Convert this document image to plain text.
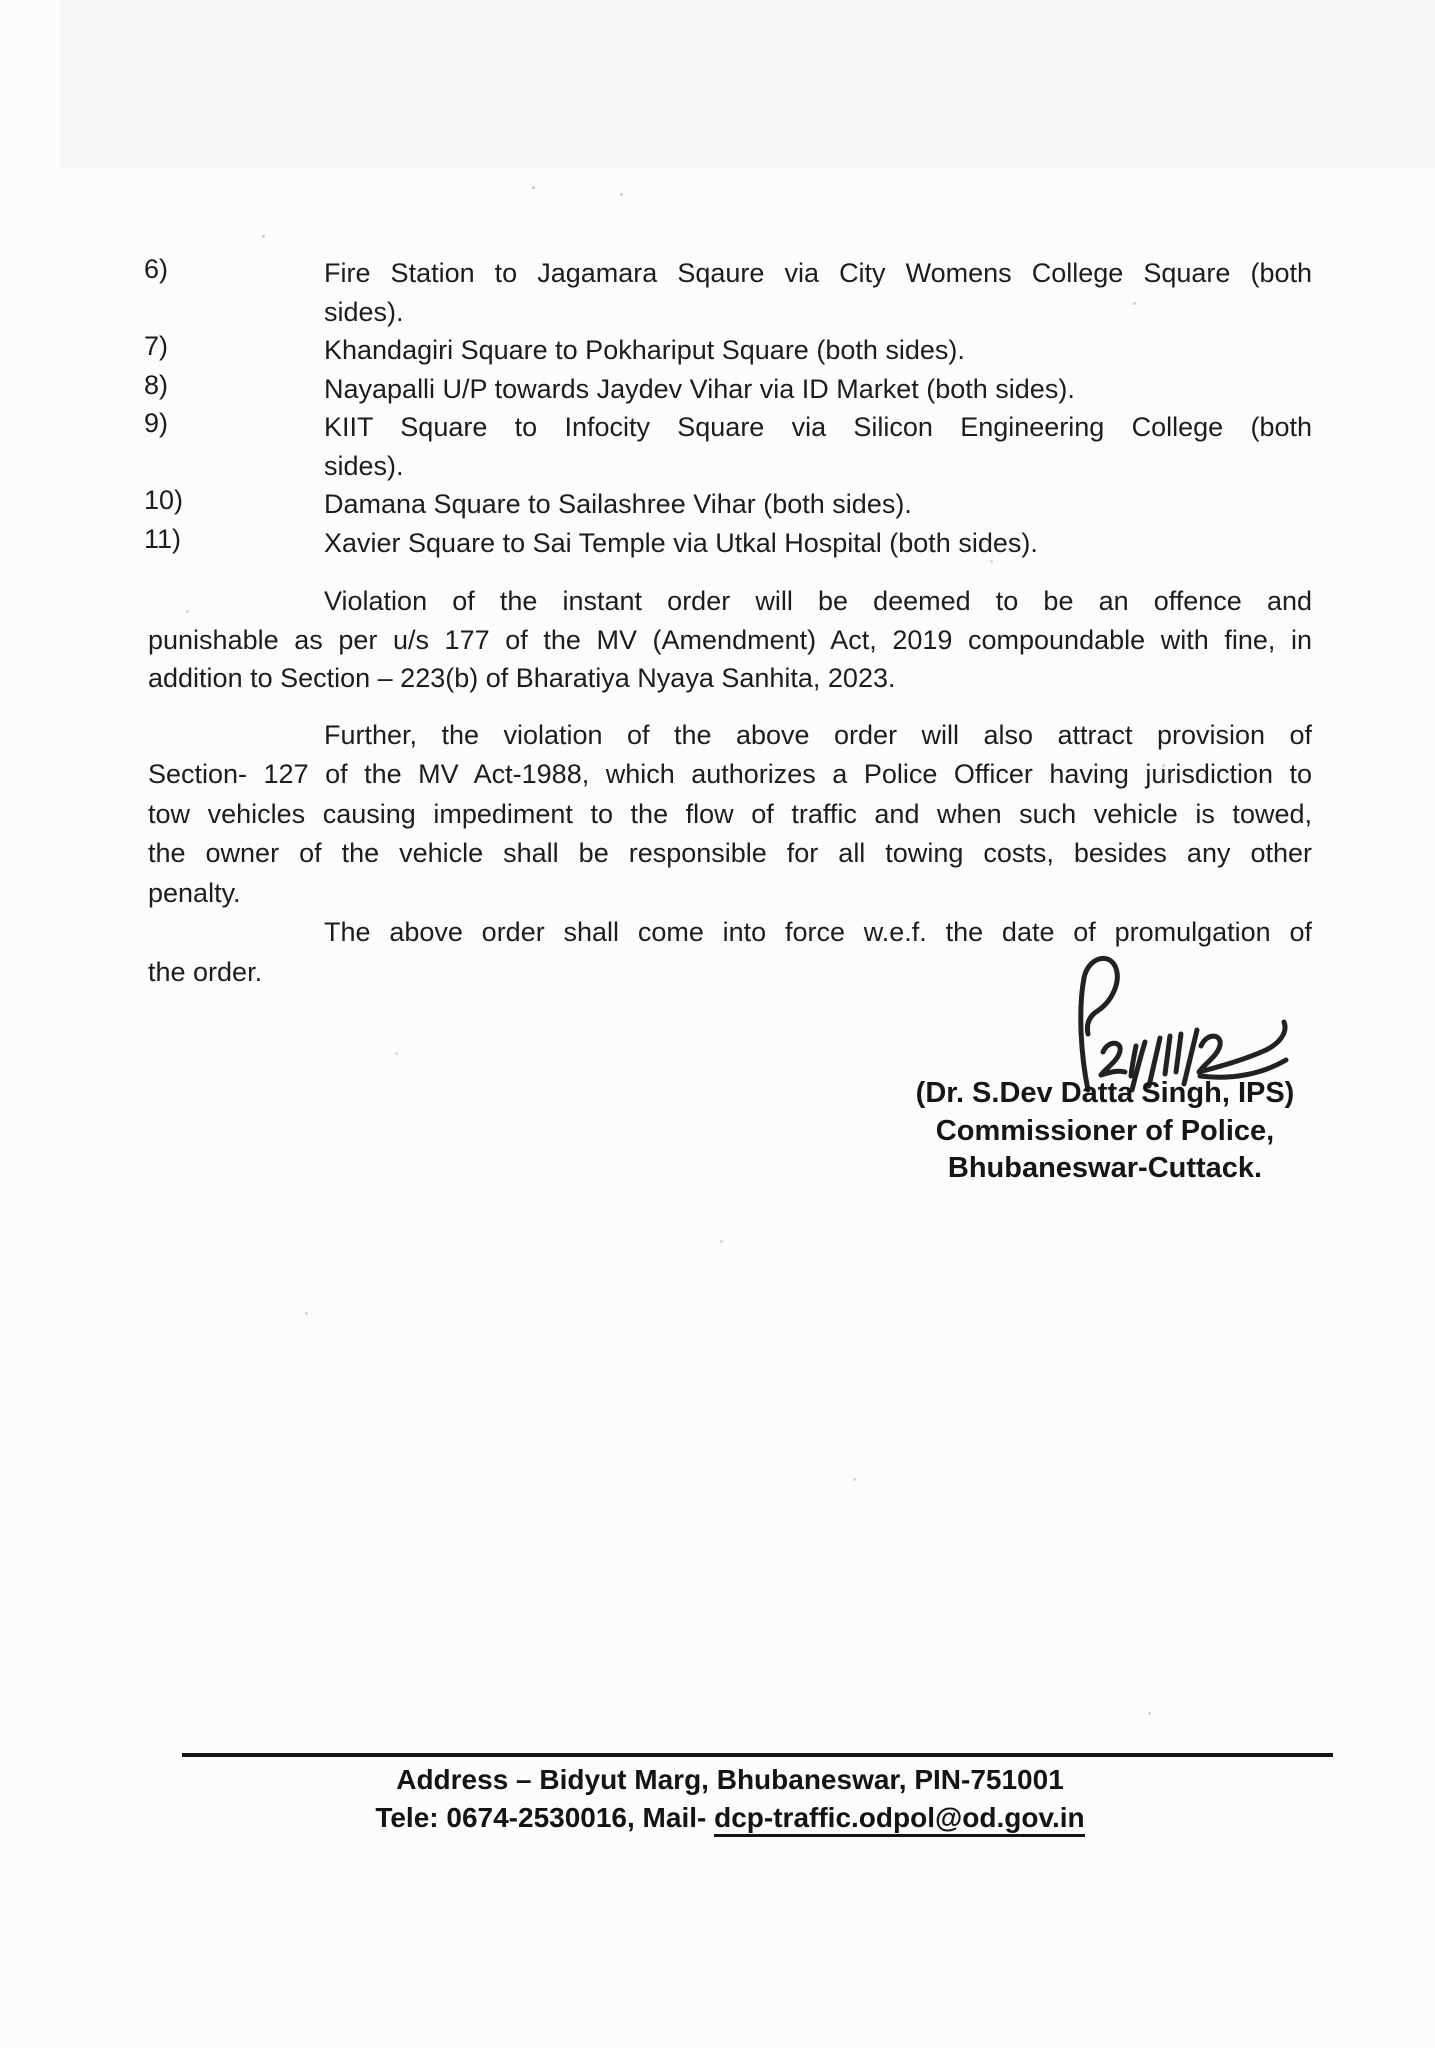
6)	Fire Station to Jagamara Sqaure via City Womens College Square (both
sides).
7)	Khandagiri Square to Pokhariput Square (both sides).
8)	Nayapalli U/P towards Jaydev Vihar via ID Market (both sides).
9)	KIIT Square to Infocity Square via Silicon Engineering College (both
sides).
10)	Damana Square to Sailashree Vihar (both sides).
11)	Xavier Square to Sai Temple via Utkal Hospital (both sides).
Violation of the instant order will be deemed to be an offence and
punishable as per u/s 177 of the MV (Amendment) Act, 2019 compoundable with fine, in
addition to Section – 223(b) of Bharatiya Nyaya Sanhita, 2023.
Further, the violation of the above order will also attract provision of
Section- 127 of the MV Act-1988, which authorizes a Police Officer having jurisdiction to
tow vehicles causing impediment to the flow of traffic and when such vehicle is towed,
the owner of the vehicle shall be responsible for all towing costs, besides any other
penalty.
The above order shall come into force w.e.f. the date of promulgation of
the order.
(Dr. S.Dev Datta Singh, IPS)
Commissioner of Police,
Bhubaneswar-Cuttack.
Address – Bidyut Marg, Bhubaneswar, PIN-751001
Tele: 0674-2530016, Mail- dcp-traffic.odpol@od.gov.in
